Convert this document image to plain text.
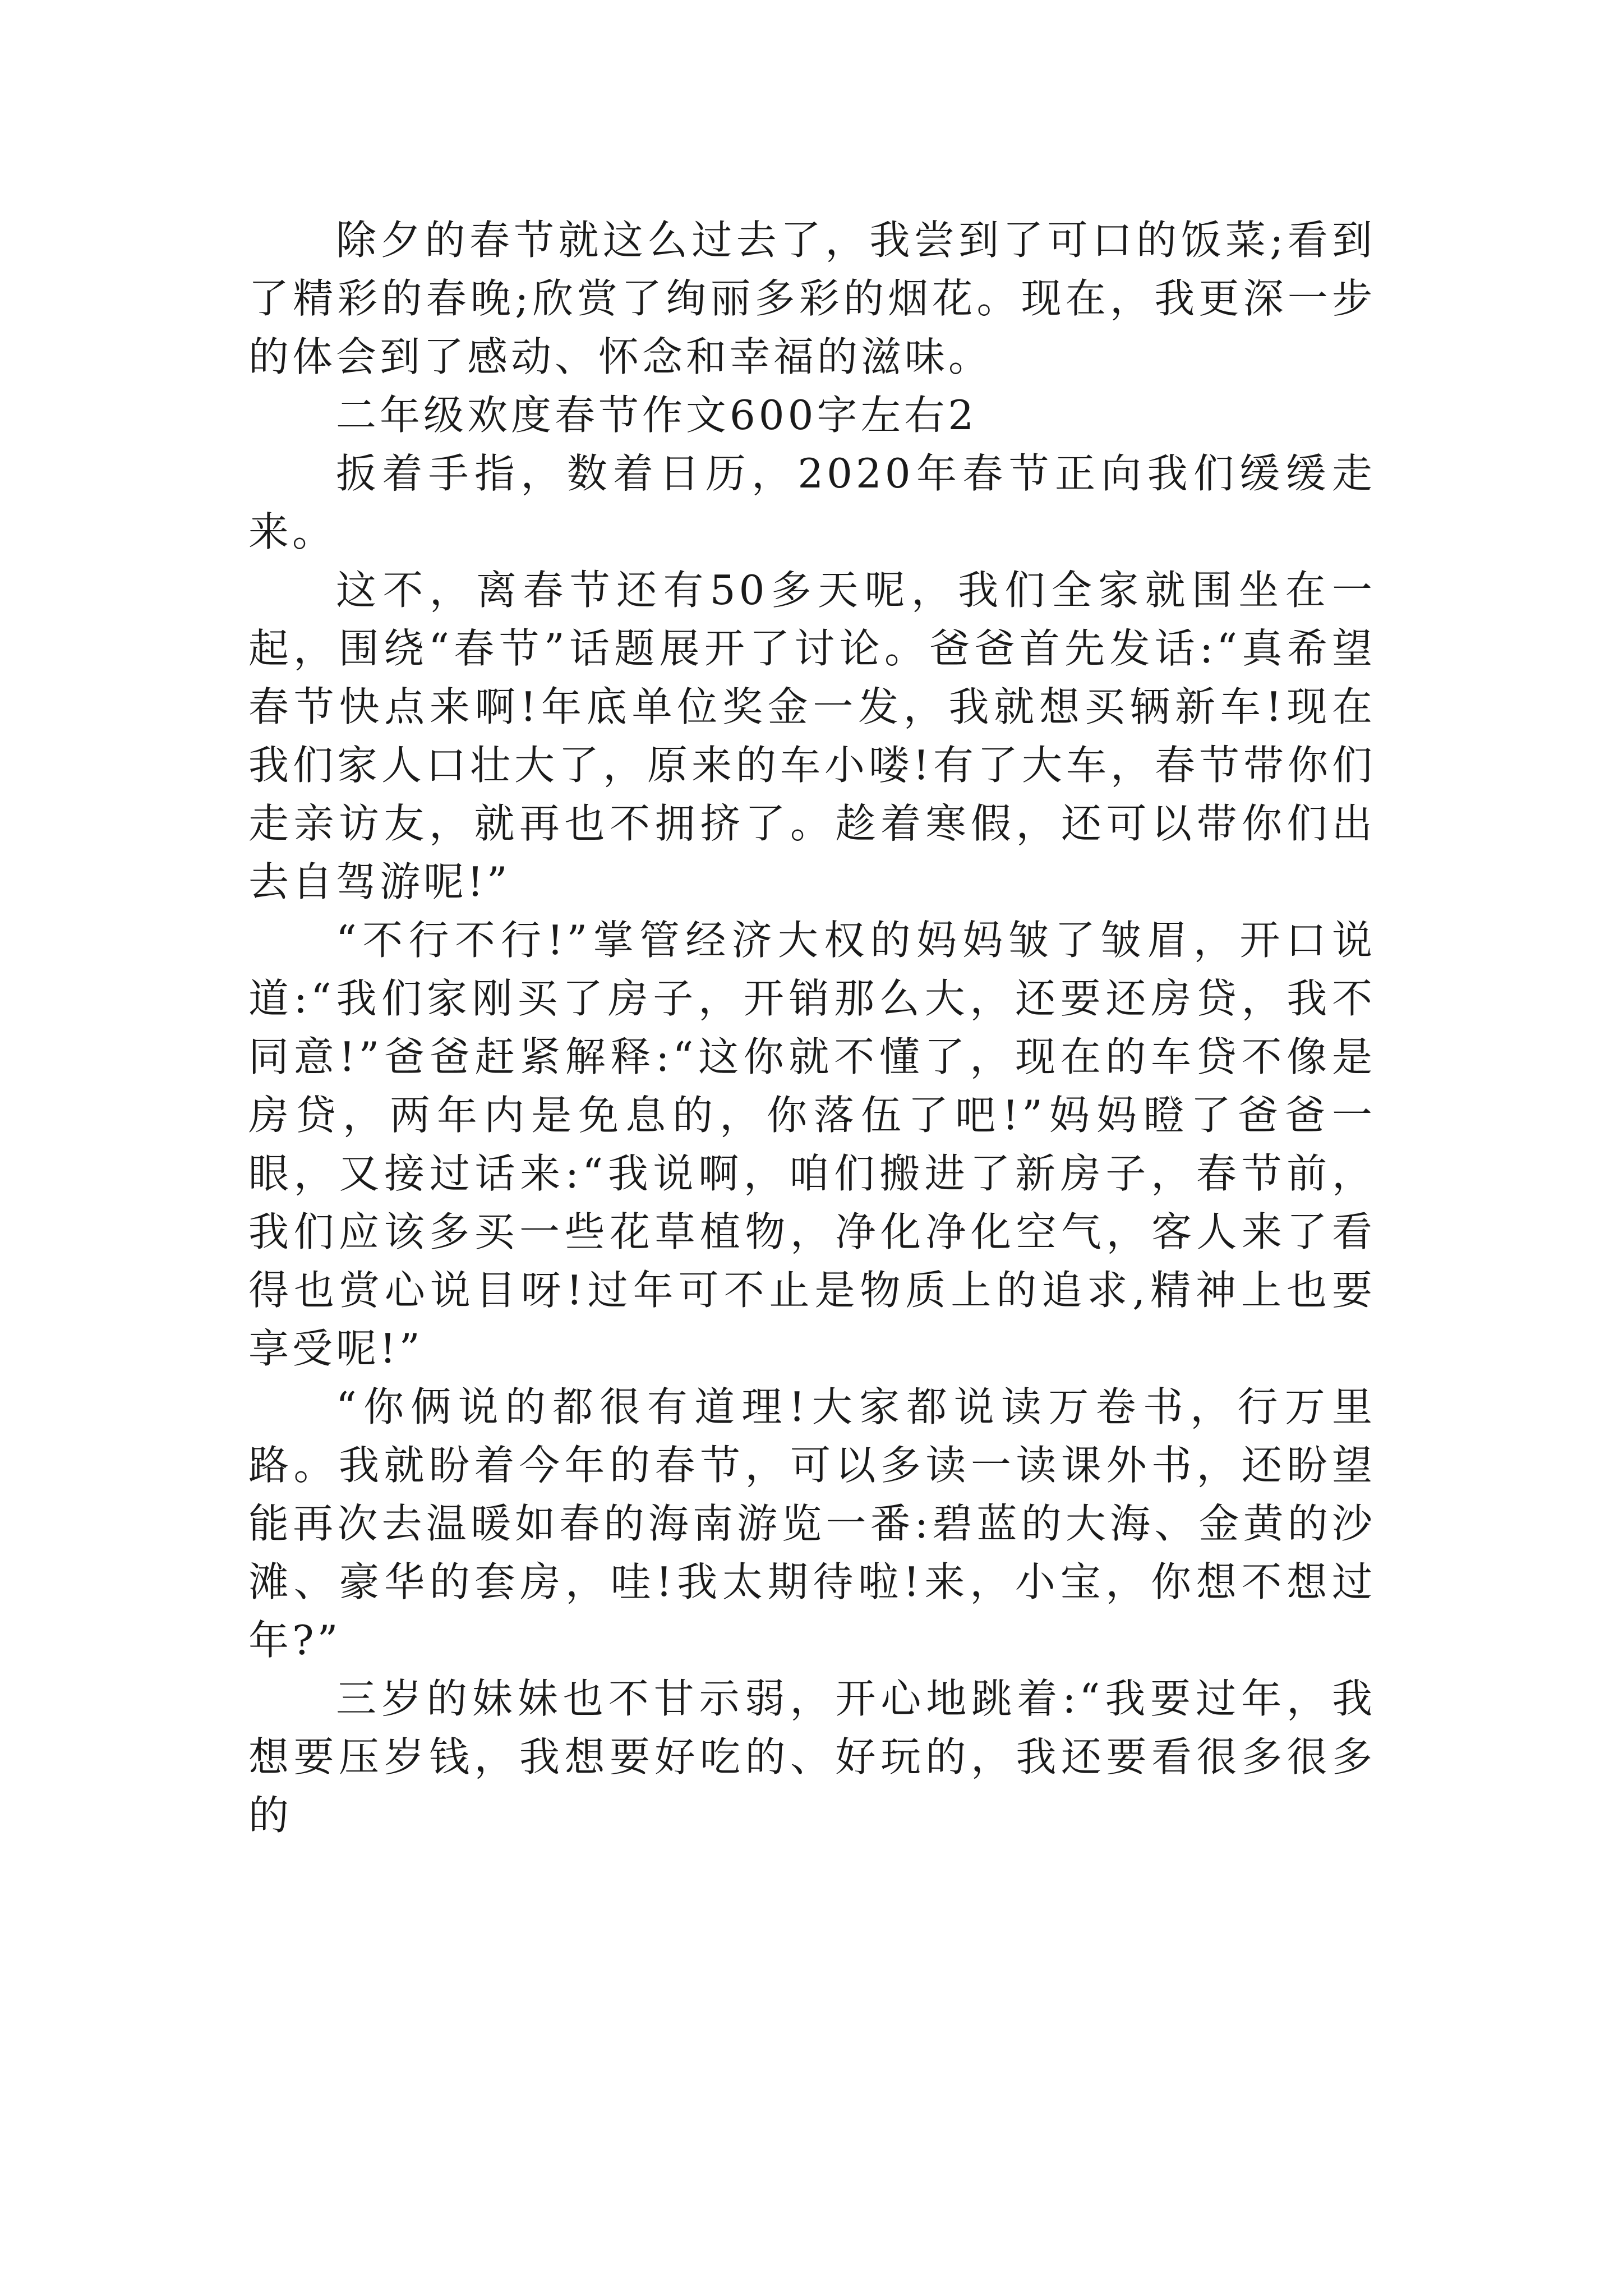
除夕的春节就这么过去了，我尝到了可口的饭菜;看到了精彩的春晚;欣赏了绚丽多彩的烟花。现在，我更深一步的体会到了感动、怀念和幸福的滋味。

二年级欢度春节作文600字左右2

扳着手指，数着日历，2020年春节正向我们缓缓走来。

这不，离春节还有50多天呢，我们全家就围坐在一起，围绕“春节”话题展开了讨论。爸爸首先发话:“真希望春节快点来啊!年底单位奖金一发，我就想买辆新车!现在我们家人口壮大了，原来的车小喽!有了大车，春节带你们走亲访友，就再也不拥挤了。趁着寒假，还可以带你们出去自驾游呢!”

“不行不行!”掌管经济大权的妈妈皱了皱眉，开口说道:“我们家刚买了房子，开销那么大，还要还房贷，我不同意!”爸爸赶紧解释:“这你就不懂了，现在的车贷不像是房贷，两年内是免息的，你落伍了吧!”妈妈瞪了爸爸一眼，又接过话来:“我说啊，咱们搬进了新房子，春节前，我们应该多买一些花草植物，净化净化空气，客人来了看得也赏心说目呀!过年可不止是物质上的追求,精神上也要享受呢!”

“你俩说的都很有道理!大家都说读万卷书，行万里路。我就盼着今年的春节，可以多读一读课外书，还盼望能再次去温暖如春的海南游览一番:碧蓝的大海、金黄的沙滩、豪华的套房，哇!我太期待啦!来，小宝，你想不想过年?”

三岁的妹妹也不甘示弱，开心地跳着:“我要过年，我想要压岁钱，我想要好吃的、好玩的，我还要看很多很多的
